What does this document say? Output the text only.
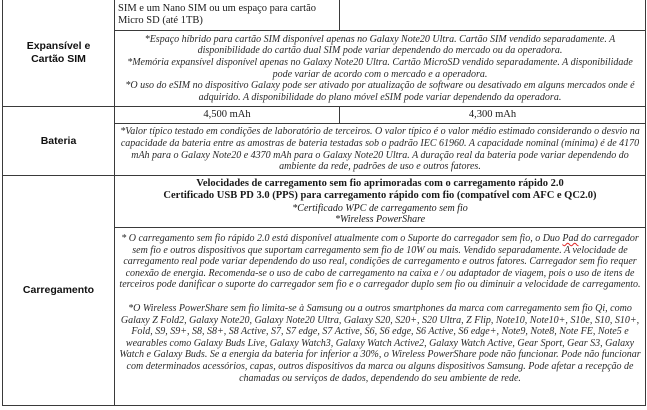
Expansível e
Cartão SIM	SIM e um Nano SIM ou um espaço para cartão Micro SD (até 1TB)	

	*Espaço híbrido para cartão SIM disponível apenas no Galaxy Note20 Ultra. Cartão SIM vendido separadamente. A disponibilidade do cartão dual SIM pode variar dependendo do mercado ou da operadora.

*Memória expansível disponível apenas no Galaxy Note20 Ultra. Cartão MicroSD vendido separadamente. A disponibilidade pode variar de acordo com o mercado e a operadora.

*O uso do eSIM no dispositivo Galaxy pode ser ativado por atualização de software ou desativado em alguns mercados onde é adquirido. A disponibilidade do plano móvel eSIM pode variar dependendo da operadora.	

Bateria	4,500 mAh	4,300 mAh
	*Valor típico testado em condições de laboratório de terceiros. O valor típico é o valor médio estimado considerando o desvio na capacidade da bateria entre as amostras de bateria testadas sob o padrão IEC 61960. A capacidade nominal (mínima) é de 4170 mAh para o Galaxy Note20 e 4370 mAh para o Galaxy Note20 Ultra. A duração real da bateria pode variar dependendo do ambiente da rede, padrões de uso e outros fatores.	
Carregamento	Velocidades de carregamento sem fio aprimoradas com o carregamento rápido 2.0
Certificado USB PD 3.0 (PPS) para carregamento rápido com fio (compatível com AFC e QC2.0)
*Certificado WPC de carregamento sem fio
*Wireless PowerShare	

	* O carregamento sem fio rápido 2.0 está disponível atualmente com o Suporte do carregador sem fio, o Duo Pad do carregador sem fio e outros dispositivos que suportam carregamento sem fio de 10W ou mais. Vendido separadamente. A velocidade de carregamento real pode variar dependendo do uso real, condições de carregamento e outros fatores. Carregador sem fio requer conexão de energia. Recomenda-se o uso de cabo de carregamento na caixa e / ou adaptador de viagem, pois o uso de itens de terceiros pode danificar o suporte do carregador sem fio e o carregador duplo sem fio ou diminuir a velocidade de carregamento.

*O Wireless PowerShare sem fio limita-se à Samsung ou a outros smartphones da marca com carregamento sem fio Qi, como Galaxy Z Fold2, Galaxy Note20, Galaxy Note20 Ultra, Galaxy S20, S20+, S20 Ultra, Z Flip, Note10, Note10+, S10e, S10, S10+, Fold, S9, S9+, S8, S8+, S8 Active, S7, S7 edge, S7 Active, S6, S6 edge, S6 Active, S6 edge+, Note9, Note8, Note FE, Note5 e wearables como Galaxy Buds Live, Galaxy Watch3, Galaxy Watch Active2, Galaxy Watch Active, Gear Sport, Gear S3, Galaxy Watch e Galaxy Buds. Se a energia da bateria for inferior a 30%, o Wireless PowerShare pode não funcionar. Pode não funcionar com determinados acessórios, capas, outros dispositivos da marca ou alguns dispositivos Samsung. Pode afetar a recepção de chamadas ou serviços de dados, dependendo do seu ambiente de rede.	
